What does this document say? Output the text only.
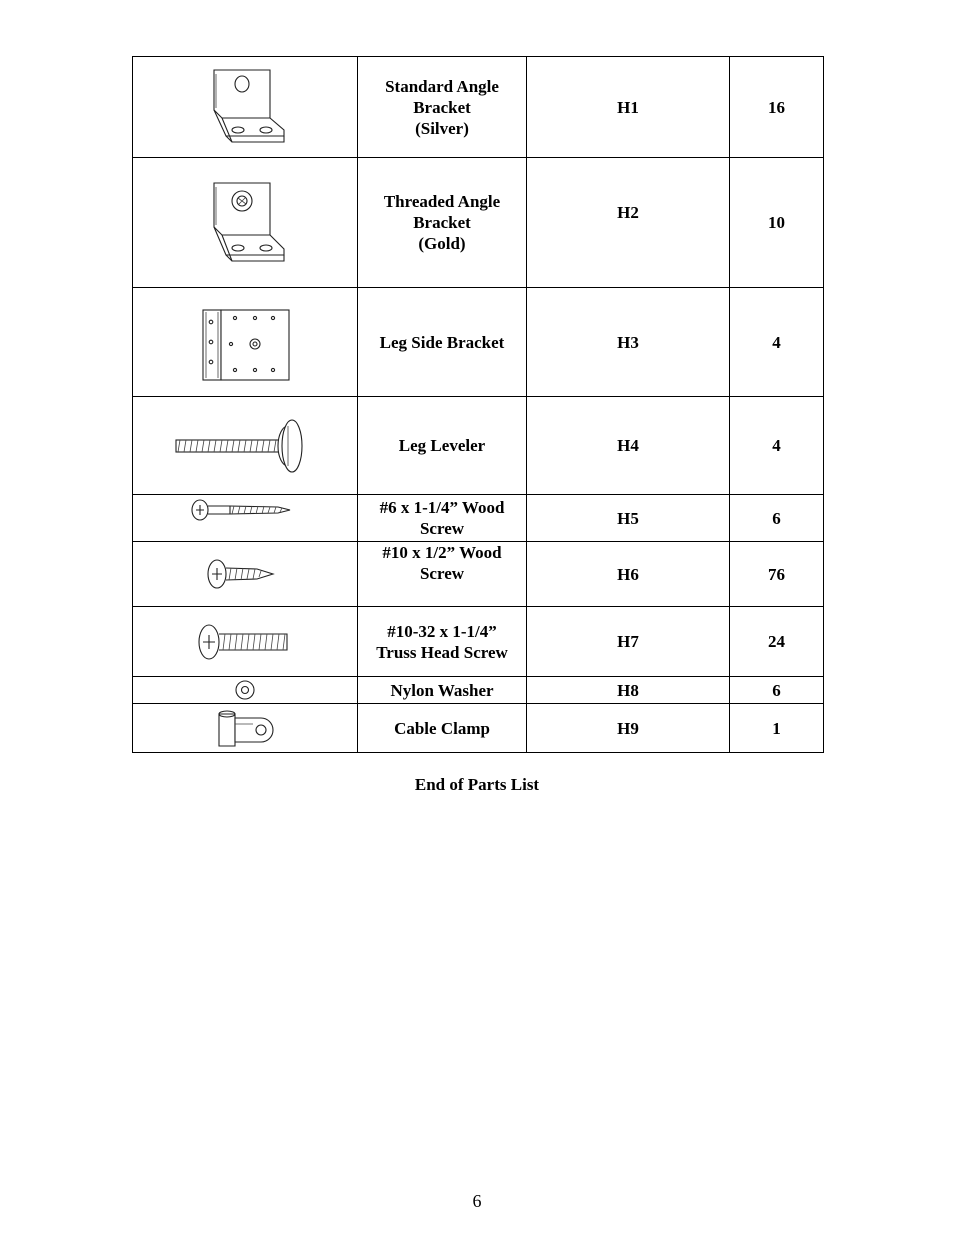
	Standard Angle
Bracket
(Silver)	H1	16

	Threaded Angle
Bracket
(Gold)	H2	10

	Leg Side Bracket	H3	4

	Leg Leveler	H4	4

	#6 x 1-1/4” Wood
Screw	H5	6

	#10 x 1/2” Wood
Screw	H6	76

	#10-32 x 1-1/4”
Truss Head Screw	H7	24

	Nylon Washer	H8	6

	Cable Clamp	H9	1
End of Parts List
6
